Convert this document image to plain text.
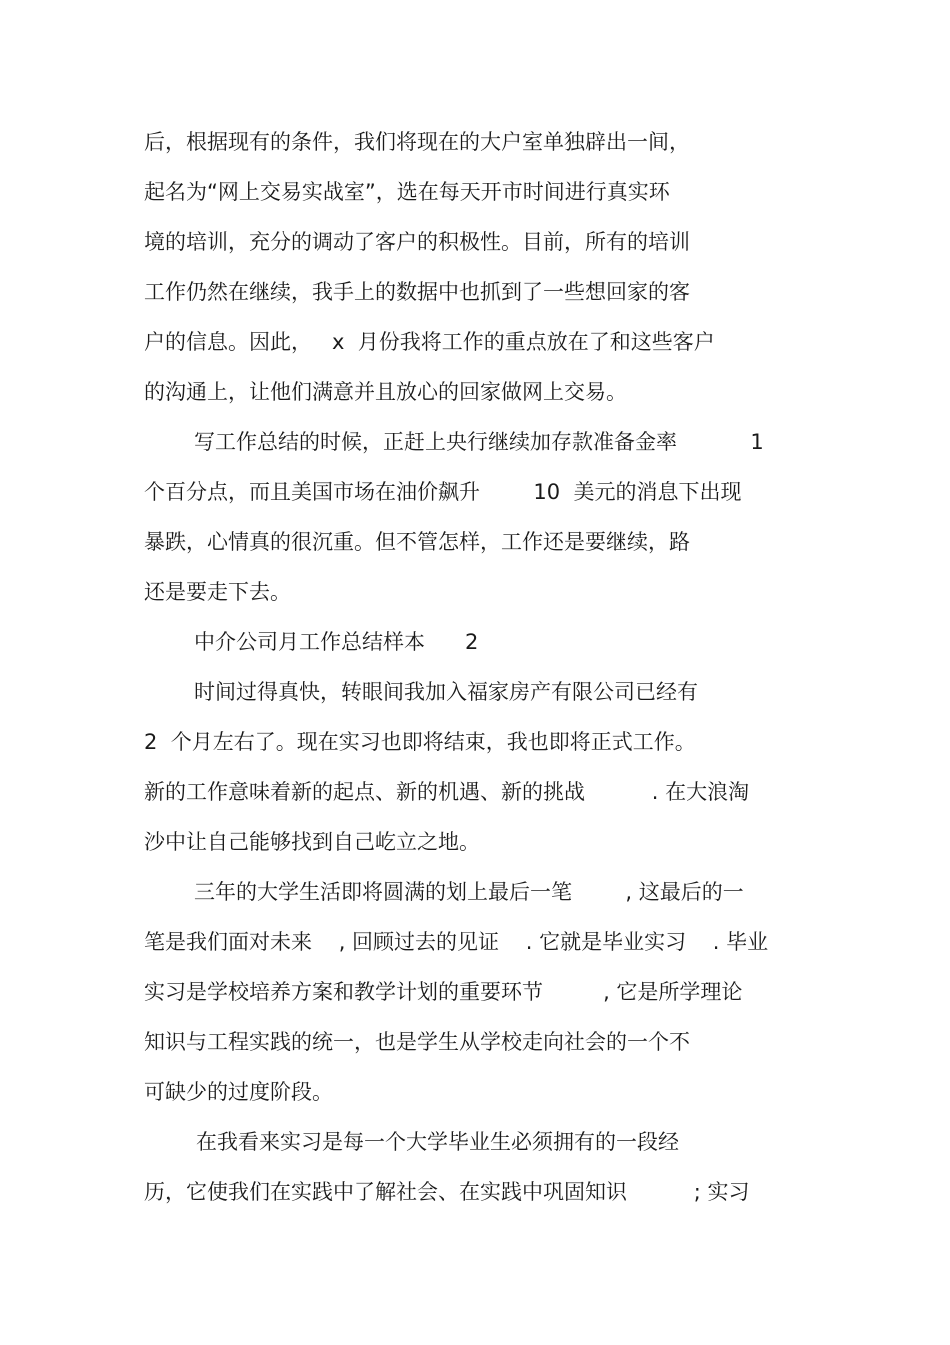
后，根据现有的条件，我们将现在的大户室单独辟出一间，
起名为“网上交易实战室”，选在每天开市时间进行真实环
境的培训，充分的调动了客户的积极性。目前，所有的培训
工作仍然在继续，我手上的数据中也抓到了一些想回家的客
户的信息。因此，   x  月份我将工作的重点放在了和这些客户
的沟通上，让他们满意并且放心的回家做网上交易。
写工作总结的时候，正赶上央行继续加存款准备金率           1
个百分点，而且美国市场在油价飙升        10  美元的消息下出现
暴跌，心情真的很沉重。但不管怎样，工作还是要继续，路
还是要走下去。
中介公司月工作总结样本      2
时间过得真快，转眼间我加入福家房产有限公司已经有
2  个月左右了。现在实习也即将结束，我也即将正式工作。
新的工作意味着新的起点、新的机遇、新的挑战          . 在大浪淘
沙中让自己能够找到自己屹立之地。
三年的大学生活即将圆满的划上最后一笔        , 这最后的一
笔是我们面对未来    , 回顾过去的见证    . 它就是毕业实习    . 毕业
实习是学校培养方案和教学计划的重要环节         , 它是所学理论
知识与工程实践的统一，也是学生从学校走向社会的一个不
可缺少的过度阶段。
在我看来实习是每一个大学毕业生必须拥有的一段经
历，它使我们在实践中了解社会、在实践中巩固知识          ; 实习
